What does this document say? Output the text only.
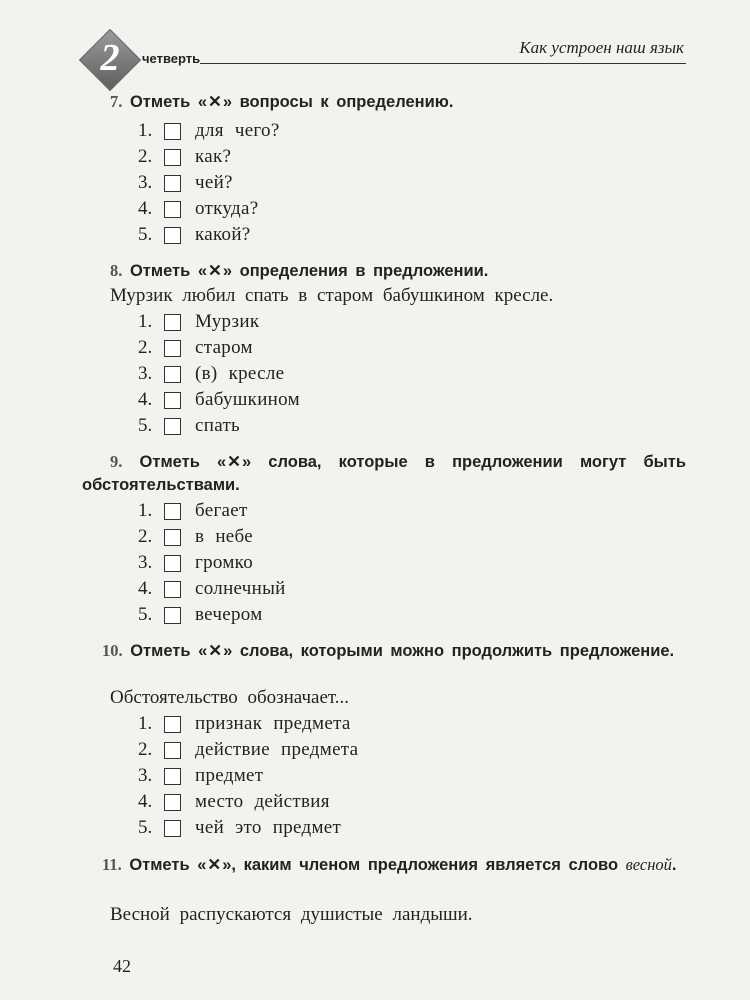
2	четверть
Как устроен наш язык
7. Отметь «✕» вопросы к определению.
1.	для чего?
2.	как?
3.	чей?
4.	откуда?
5.	какой?
8. Отметь «✕» определения в предложении.
Мурзик любил спать в старом бабушкином кресле.
1.	Мурзик
2.	старом
3.	(в) кресле
4.	бабушкином
5.	спать
9. Отметь «✕» слова, которые в предложении могут быть обстоятельствами.
1.	бегает
2.	в небе
3.	громко
4.	солнечный
5.	вечером
10. Отметь «✕» слова, которыми можно продолжить предложение.
Обстоятельство обозначает...
1.	признак предмета
2.	действие предмета
3.	предмет
4.	место действия
5.	чей это предмет
11. Отметь «✕», каким членом предложения является слово весной.
Весной распускаются душистые ландыши.
42
